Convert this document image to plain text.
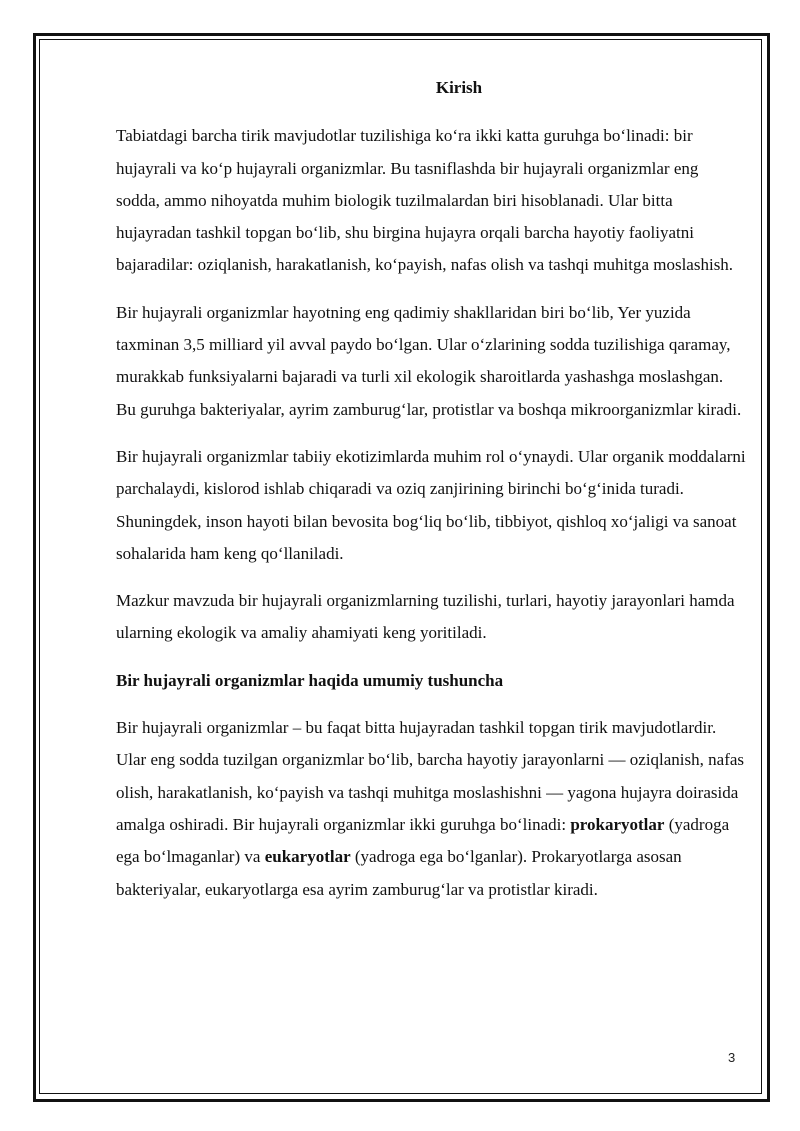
Kirish

Tabiatdagi barcha tirik mavjudotlar tuzilishiga koʻra ikki katta guruhga boʻlinadi: bir hujayrali va koʻp hujayrali organizmlar. Bu tasniflashda bir hujayrali organizmlar eng sodda, ammo nihoyatda muhim biologik tuzilmalardan biri hisoblanadi. Ular bitta hujayradan tashkil topgan boʻlib, shu birgina hujayra orqali barcha hayotiy faoliyatni bajaradilar: oziqlanish, harakatlanish, koʻpayish, nafas olish va tashqi muhitga moslashish.

Bir hujayrali organizmlar hayotning eng qadimiy shakllaridan biri boʻlib, Yer yuzida taxminan 3,5 milliard yil avval paydo boʻlgan. Ular oʻzlarining sodda tuzilishiga qaramay, murakkab funksiyalarni bajaradi va turli xil ekologik sharoitlarda yashashga moslashgan. Bu guruhga bakteriyalar, ayrim zamburugʻlar, protistlar va boshqa mikroorganizmlar kiradi.

Bir hujayrali organizmlar tabiiy ekotizimlarda muhim rol oʻynaydi. Ular organik moddalarni parchalaydi, kislorod ishlab chiqaradi va oziq zanjirining birinchi boʻgʻinida turadi. Shuningdek, inson hayoti bilan bevosita bogʻliq boʻlib, tibbiyot, qishloq xoʻjaligi va sanoat sohalarida ham keng qoʻllaniladi.

Mazkur mavzuda bir hujayrali organizmlarning tuzilishi, turlari, hayotiy jarayonlari hamda ularning ekologik va amaliy ahamiyati keng yoritiladi.

Bir hujayrali organizmlar haqida umumiy tushuncha

Bir hujayrali organizmlar – bu faqat bitta hujayradan tashkil topgan tirik mavjudotlardir. Ular eng sodda tuzilgan organizmlar boʻlib, barcha hayotiy jarayonlarni — oziqlanish, nafas olish, harakatlanish, koʻpayish va tashqi muhitga moslashishni — yagona hujayra doirasida amalga oshiradi. Bir hujayrali organizmlar ikki guruhga boʻlinadi: prokaryotlar (yadroga ega boʻlmaganlar) va eukaryotlar (yadroga ega boʻlganlar). Prokaryotlarga asosan bakteriyalar, eukaryotlarga esa ayrim zamburugʻlar va protistlar kiradi.

3
